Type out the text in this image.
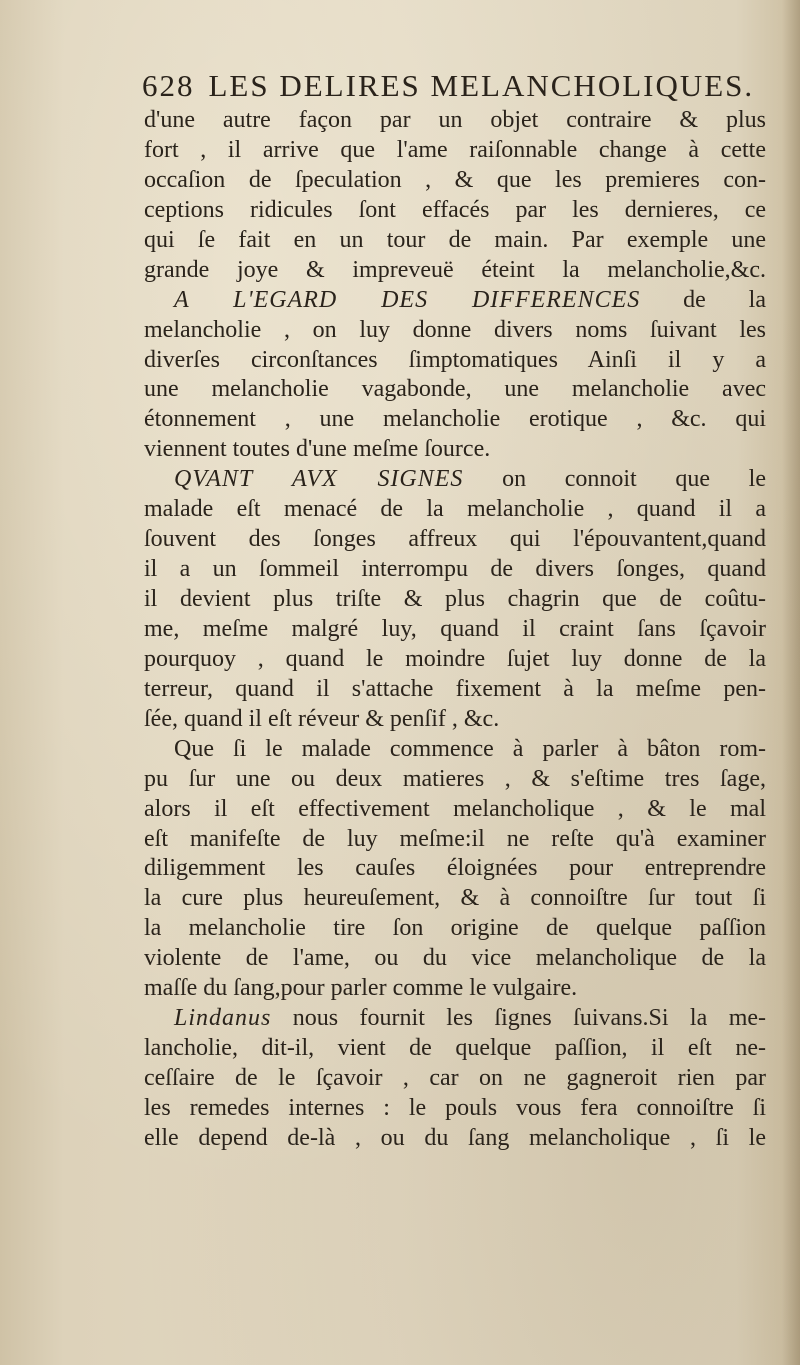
628 LES DELIRES MELANCHOLIQUES.
d'une autre façon par un objet contraire & plus
fort , il arrive que l'ame raiſonnable change à cette
occaſion de ſpeculation , & que les premieres con-
ceptions ridicules ſont effacés par les dernieres, ce
qui ſe fait en un tour de main. Par exemple une
grande joye & impreveuë éteint la melancholie,&c.
A L'EGARD DES DIFFERENCES de la
melancholie , on luy donne divers noms ſuivant les
diverſes circonſtances ſimptomatiques Ainſi il y a
une melancholie vagabonde, une melancholie avec
étonnement , une melancholie erotique , &c. qui
viennent toutes d'une meſme ſource.
QVANT AVX SIGNES on connoit que le
malade eſt menacé de la melancholie , quand il a
ſouvent des ſonges affreux qui l'épouvantent,quand
il a un ſommeil interrompu de divers ſonges, quand
il devient plus triſte & plus chagrin que de coûtu-
me, meſme malgré luy, quand il craint ſans ſçavoir
pourquoy , quand le moindre ſujet luy donne de la
terreur, quand il s'attache fixement à la meſme pen-
ſée, quand il eſt réveur & penſif , &c.
Que ſi le malade commence à parler à bâton rom-
pu ſur une ou deux matieres , & s'eſtime tres ſage,
alors il eſt effectivement melancholique , & le mal
eſt manifeſte de luy meſme:il ne reſte qu'à examiner
diligemment les cauſes éloignées pour entreprendre
la cure plus heureuſement, & à connoiſtre ſur tout ſi
la melancholie tire ſon origine de quelque paſſion
violente de l'ame, ou du vice melancholique de la
maſſe du ſang,pour parler comme le vulgaire.
Lindanus nous fournit les ſignes ſuivans.Si la me-
lancholie, dit-il, vient de quelque paſſion, il eſt ne-
ceſſaire de le ſçavoir , car on ne gagneroit rien par
les remedes internes : le pouls vous fera connoiſtre ſi
elle depend de-là , ou du ſang melancholique , ſi le
